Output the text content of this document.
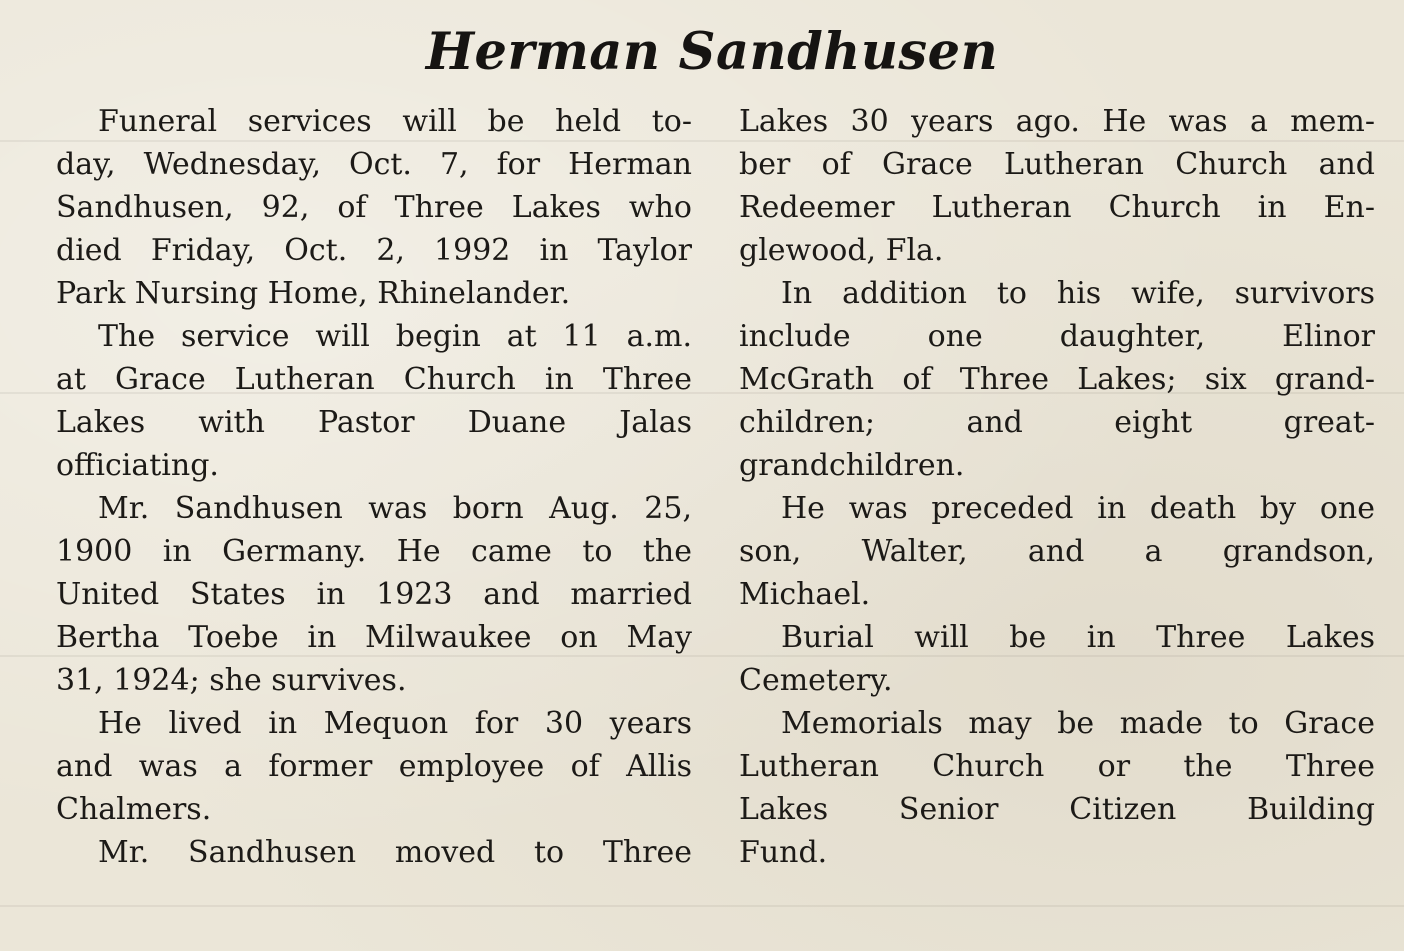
Herman Sandhusen
Funeral services will be held to-
day, Wednesday, Oct. 7, for Herman
Sandhusen, 92, of Three Lakes who
died Friday, Oct. 2, 1992 in Taylor
Park Nursing Home, Rhinelander.
The service will begin at 11 a.m.
at Grace Lutheran Church in Three
Lakes with Pastor Duane Jalas
officiating.
Mr. Sandhusen was born Aug. 25,
1900 in Germany. He came to the
United States in 1923 and married
Bertha Toebe in Milwaukee on May
31, 1924; she survives.
He lived in Mequon for 30 years
and was a former employee of Allis
Chalmers.
Mr. Sandhusen moved to Three
Lakes 30 years ago. He was a mem-
ber of Grace Lutheran Church and
Redeemer Lutheran Church in En-
glewood, Fla.
In addition to his wife, survivors
include one daughter, Elinor
McGrath of Three Lakes; six grand-
children; and eight great-
grandchildren.
He was preceded in death by one
son, Walter, and a grandson,
Michael.
Burial will be in Three Lakes
Cemetery.
Memorials may be made to Grace
Lutheran Church or the Three
Lakes Senior Citizen Building
Fund.
